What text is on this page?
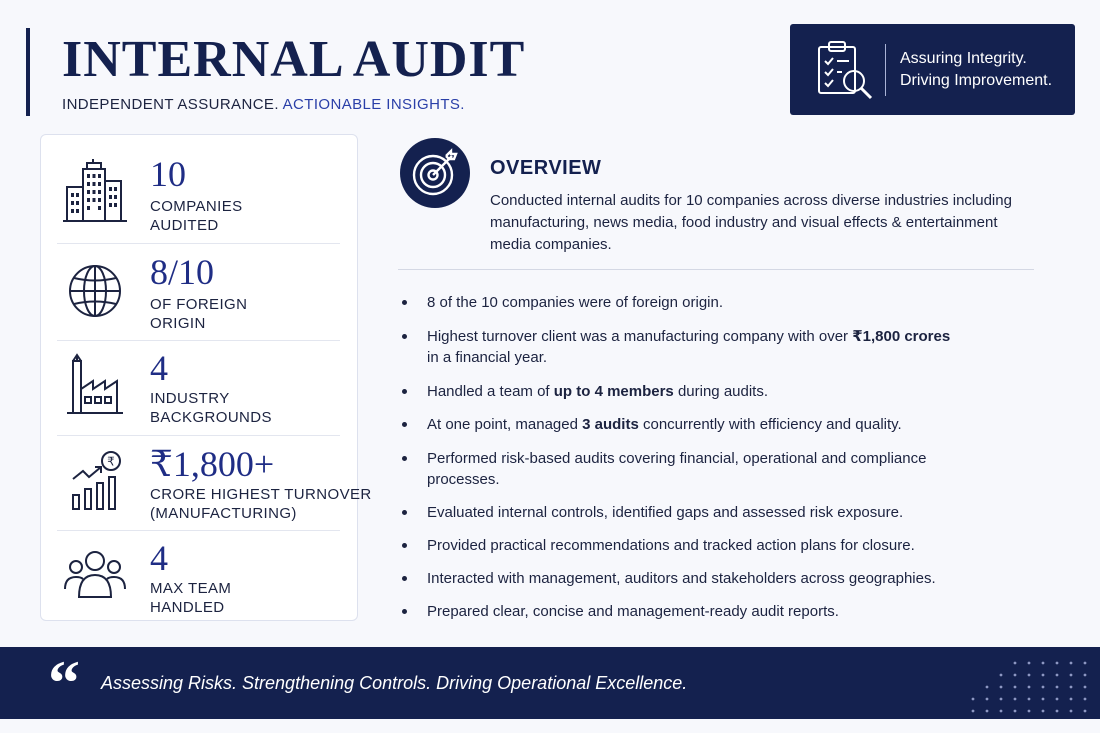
INTERNAL AUDIT
INDEPENDENT ASSURANCE. ACTIONABLE INSIGHTS.
Assuring Integrity.
Driving Improvement.
10
COMPANIES
AUDITED
8/10
OF FOREIGN
ORIGIN
4
INDUSTRY
BACKGROUNDS
₹ ₹1,800+
CRORE HIGHEST TURNOVER
(MANUFACTURING)
4
MAX TEAM
HANDLED
OVERVIEW

Conducted internal audits for 10 companies across diverse industries including manufacturing, news media, food industry and visual effects & entertainment media companies.

8 of the 10 companies were of foreign origin.
Highest turnover client was a manufacturing company with over ₹1,800 crores
in a financial year.
Handled a team of up to 4 members during audits.
At one point, managed 3 audits concurrently with efficiency and quality.
Performed risk-based audits covering financial, operational and compliance processes.
Evaluated internal controls, identified gaps and assessed risk exposure.
Provided practical recommendations and tracked action plans for closure.
Interacted with management, auditors and stakeholders across geographies.
Prepared clear, concise and management-ready audit reports.
“ Assessing Risks. Strengthening Controls. Driving Operational Excellence.
